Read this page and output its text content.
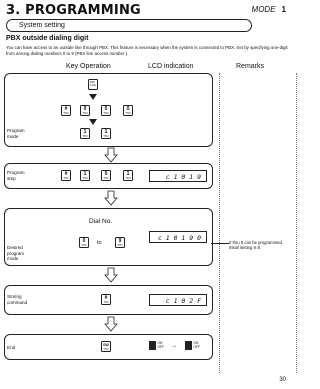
3. PROGRAMMING	MODE 1
System setting
PBX outside dialing digit
You can have access to an outside line through PBX. This feature is necessary when the system is connected to PBX. Set by specifying one-digit from among dialing numbers 0 to 9 (PBX line access number ).
Key Operation	LCD indication	Remarks
Program
mode
SW
THU
#
THU
0
THU
0
THU
0
THU
1
THU
1
THU
Program
step
#
THU
1
THU
0
THU
1
THU	c 1 0 1 9
Desired
program
mode
Dial No.
0
THU to	9
THU
c 1 0 1 9 0
0 thru 9 can be programmed.
Initial setting is 9.
Storing
command
#
THU	c 1 0 2 F
End	SW
THU
ON
OFF →
ON
OFF
30
